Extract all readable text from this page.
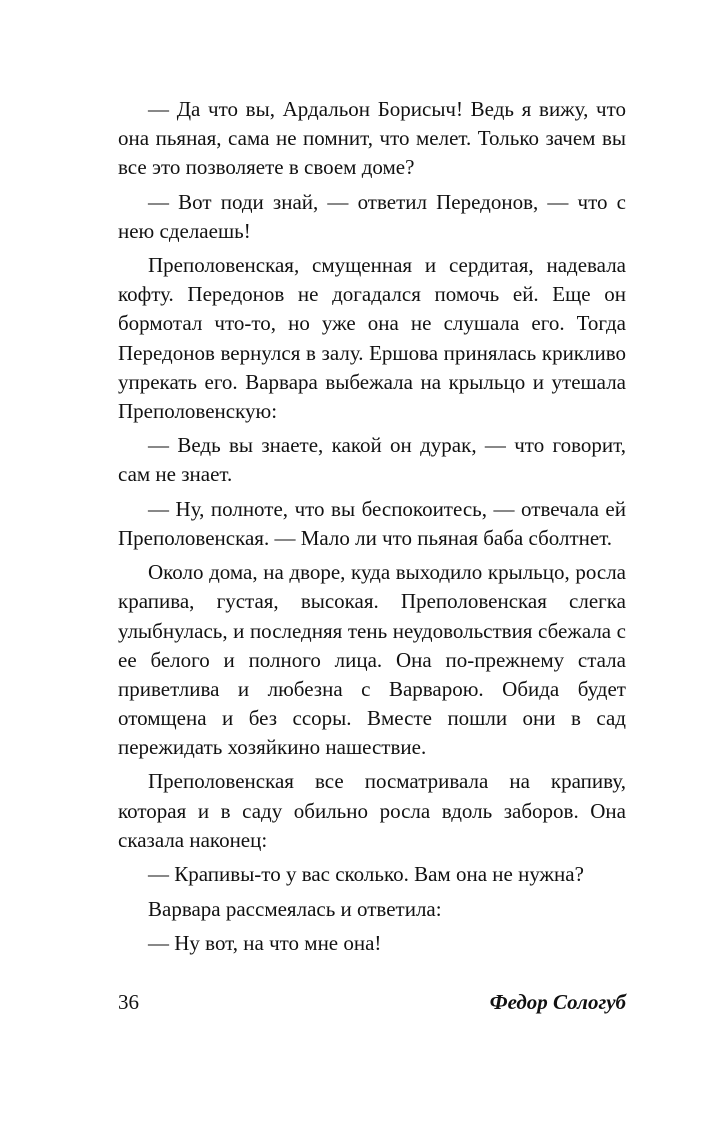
— Да что вы, Ардальон Борисыч! Ведь я вижу, что она пьяная, сама не помнит, что мелет. Только зачем вы все это позволяете в своем доме?

— Вот поди знай, — ответил Передонов, — что с нею сделаешь!

Преполовенская, смущенная и сердитая, надевала кофту. Передонов не догадался помочь ей. Еще он бормотал что-то, но уже она не слушала его. Тогда Передонов вернулся в залу. Ершова принялась крикливо упрекать его. Варвара выбежала на крыльцо и утешала Преполовенскую:

— Ведь вы знаете, какой он дурак, — что говорит, сам не знает.

— Ну, полноте, что вы беспокоитесь, — отвечала ей Преполовенская. — Мало ли что пьяная баба сболтнет.

Около дома, на дворе, куда выходило крыльцо, росла крапива, густая, высокая. Преполовенская слегка улыбнулась, и последняя тень неудовольствия сбежала с ее белого и полного лица. Она по-прежнему стала приветлива и любезна с Варварою. Обида будет отомщена и без ссоры. Вместе пошли они в сад пережидать хозяйкино нашествие.

Преполовенская все посматривала на крапиву, которая и в саду обильно росла вдоль заборов. Она сказала наконец:

— Крапивы-то у вас сколько. Вам она не нужна?

Варвара рассмеялась и ответила:

— Ну вот, на что мне она!

36	Федор Сологуб
